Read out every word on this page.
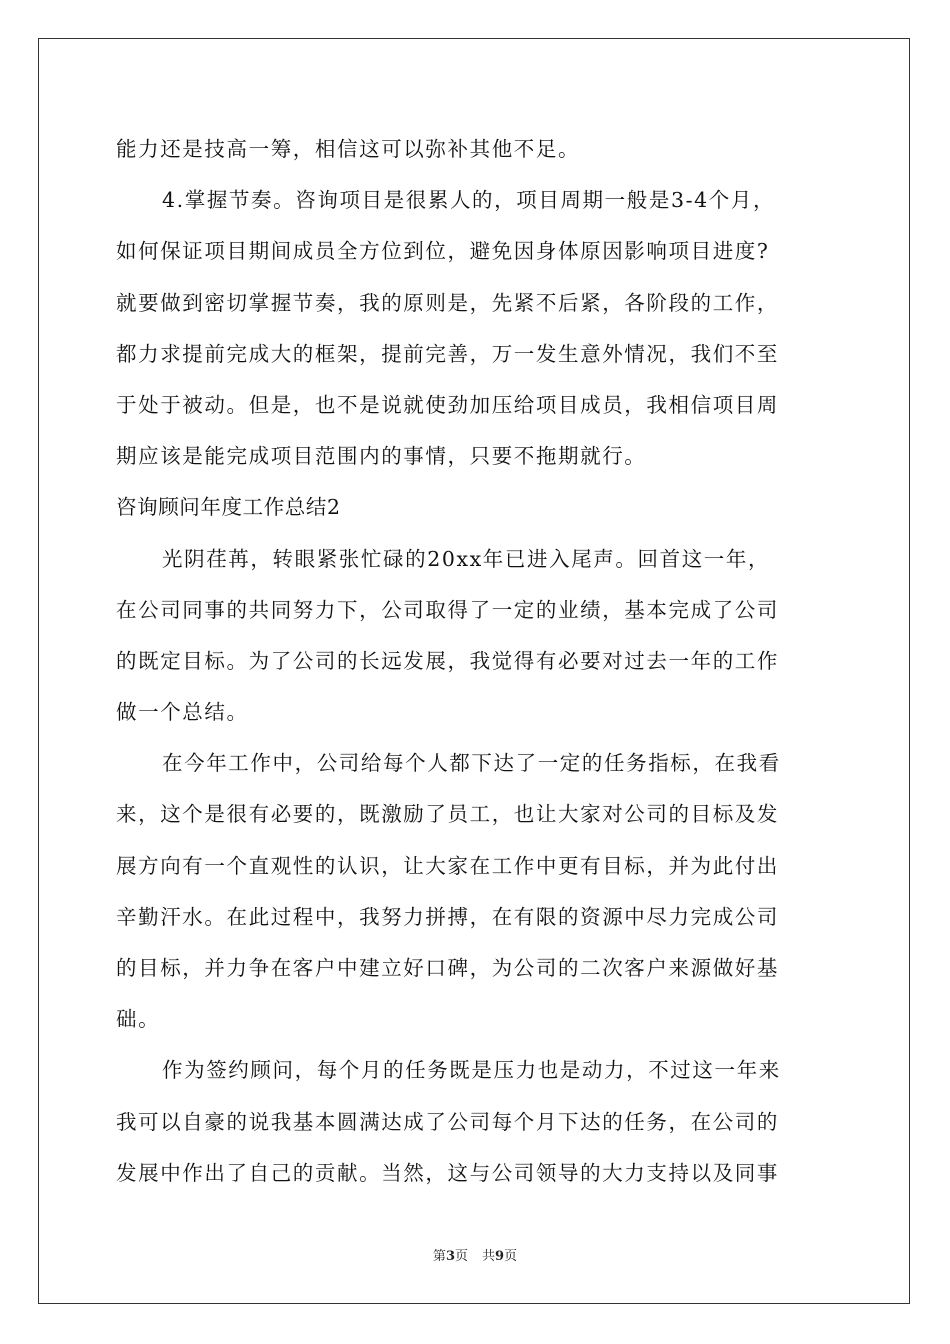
能力还是技高一筹，相信这可以弥补其他不足。
4.掌握节奏。咨询项目是很累人的，项目周期一般是3-4个月，
如何保证项目期间成员全方位到位，避免因身体原因影响项目进度?
就要做到密切掌握节奏，我的原则是，先紧不后紧，各阶段的工作，
都力求提前完成大的框架，提前完善，万一发生意外情况，我们不至
于处于被动。但是，也不是说就使劲加压给项目成员，我相信项目周
期应该是能完成项目范围内的事情，只要不拖期就行。
咨询顾问年度工作总结2
光阴荏苒，转眼紧张忙碌的20xx年已进入尾声。回首这一年，
在公司同事的共同努力下，公司取得了一定的业绩，基本完成了公司
的既定目标。为了公司的长远发展，我觉得有必要对过去一年的工作
做一个总结。
在今年工作中，公司给每个人都下达了一定的任务指标，在我看
来，这个是很有必要的，既激励了员工，也让大家对公司的目标及发
展方向有一个直观性的认识，让大家在工作中更有目标，并为此付出
辛勤汗水。在此过程中，我努力拼搏，在有限的资源中尽力完成公司
的目标，并力争在客户中建立好口碑，为公司的二次客户来源做好基
础。
作为签约顾问，每个月的任务既是压力也是动力，不过这一年来
我可以自豪的说我基本圆满达成了公司每个月下达的任务，在公司的
发展中作出了自己的贡献。当然，这与公司领导的大力支持以及同事
第3页 共9页
